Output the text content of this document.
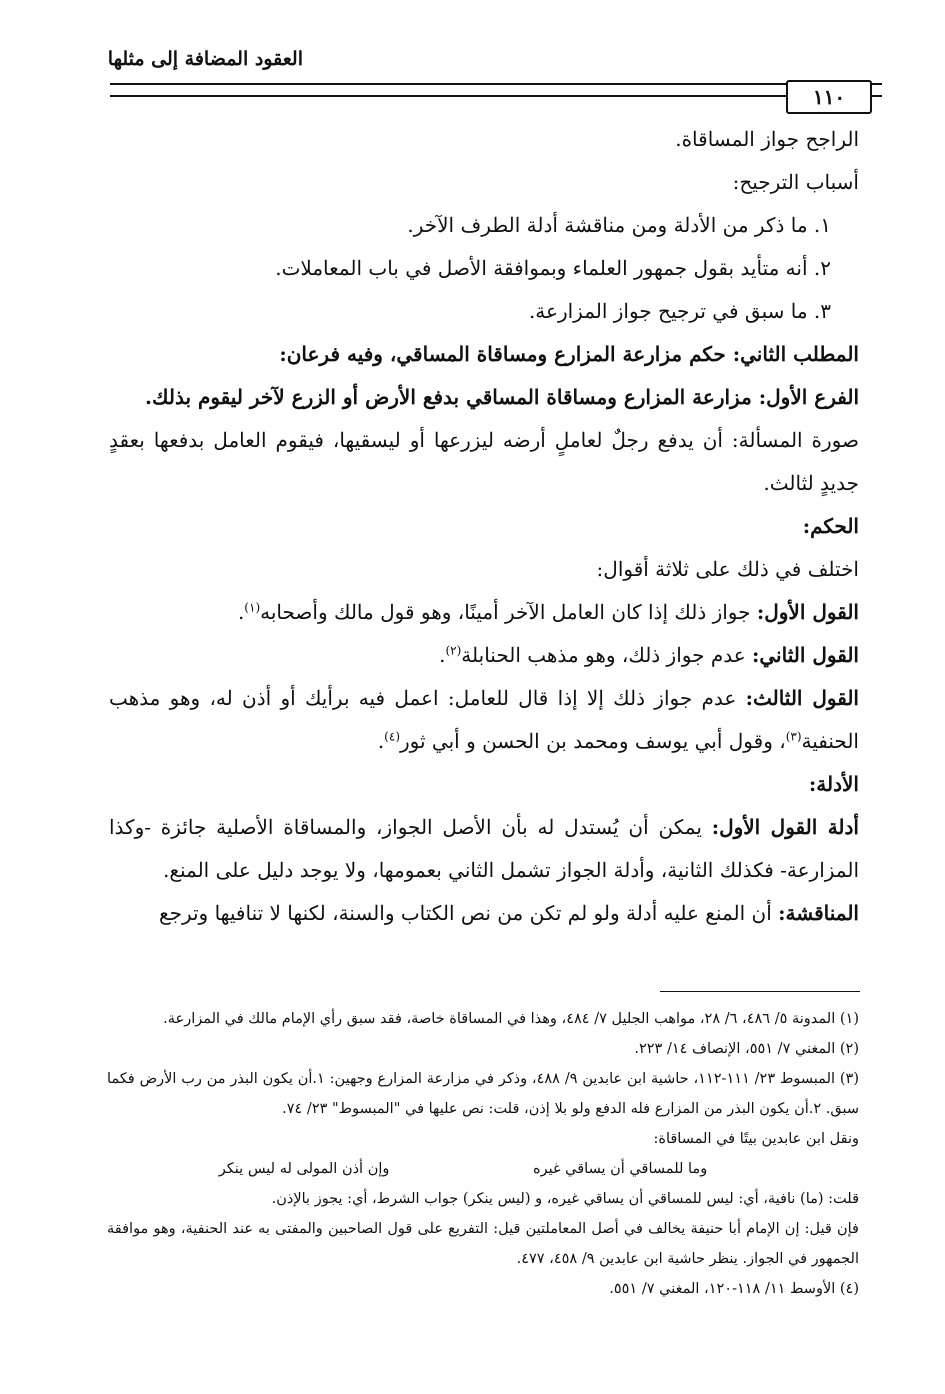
العقود المضافة إلى مثلها
١١٠

الراجح جواز المساقاة.

أسباب الترجيح:

١. ما ذكر من الأدلة ومن مناقشة أدلة الطرف الآخر.

٢. أنه متأيد بقول جمهور العلماء وبموافقة الأصل في باب المعاملات.

٣. ما سبق في ترجيح جواز المزارعة.

المطلب الثاني: حكم مزارعة المزارع ومساقاة المساقي، وفيه فرعان:

الفرع الأول: مزارعة المزارع ومساقاة المساقي بدفع الأرض أو الزرع لآخر ليقوم بذلك.

صورة المسألة: أن يدفع رجلٌ لعاملٍ أرضه ليزرعها أو ليسقيها، فيقوم العامل بدفعها بعقدٍ جديدٍ لثالث.

الحكم:

اختلف في ذلك على ثلاثة أقوال:

القول الأول: جواز ذلك إذا كان العامل الآخر أمينًا، وهو قول مالك وأصحابه$^{(١)}$.

القول الثاني: عدم جواز ذلك، وهو مذهب الحنابلة$^{(٢)}$.

القول الثالث: عدم جواز ذلك إلا إذا قال للعامل: اعمل فيه برأيك أو أذن له، وهو مذهب الحنفية$^{(٣)}$، وقول أبي يوسف ومحمد بن الحسن و أبي ثور$^{(٤)}$.

الأدلة:

أدلة القول الأول: يمكن أن يُستدل له بأن الأصل الجواز، والمساقاة الأصلية جائزة -وكذا المزارعة- فكذلك الثانية، وأدلة الجواز تشمل الثاني بعمومها، ولا يوجد دليل على المنع.

المناقشة: أن المنع عليه أدلة ولو لم تكن من نص الكتاب والسنة، لكنها لا تنافيها وترجع

(١) المدونة ٥/ ٤٨٦، ٦/ ٢٨، مواهب الجليل ٧/ ٤٨٤، وهذا في المساقاة خاصة، فقد سبق رأي الإمام مالك في المزارعة.

(٢) المغني ٧/ ٥٥١، الإنصاف ١٤/ ٢٢٣.

(٣) المبسوط ٢٣/ ١١١-١١٢، حاشية ابن عابدين ٩/ ٤٨٨، وذكر في مزارعة المزارع وجهين: ١.أن يكون البذر من رب الأرض فكما سبق. ٢.أن يكون البذر من المزارع فله الدفع ولو بلا إذن، قلت: نص عليها في "المبسوط" ٢٣/ ٧٤.

ونقل ابن عابدين بيتًا في المساقاة:

وما للمساقي أن يساقي غيره
وإن أذن المولى له ليس ينكر

قلت: (ما) نافية، أي: ليس للمساقي أن يساقي غيره، و (ليس ينكر) جواب الشرط، أي: يجوز بالإذن.

فإن قيل: إن الإمام أبا حنيفة يخالف في أصل المعاملتين قيل: التفريع على قول الصاحبين والمفتى به عند الحنفية، وهو موافقة الجمهور في الجواز. ينظر حاشية ابن عابدين ٩/ ٤٥٨، ٤٧٧.

(٤) الأوسط ١١/ ١١٨-١٢٠، المغني ٧/ ٥٥١.
